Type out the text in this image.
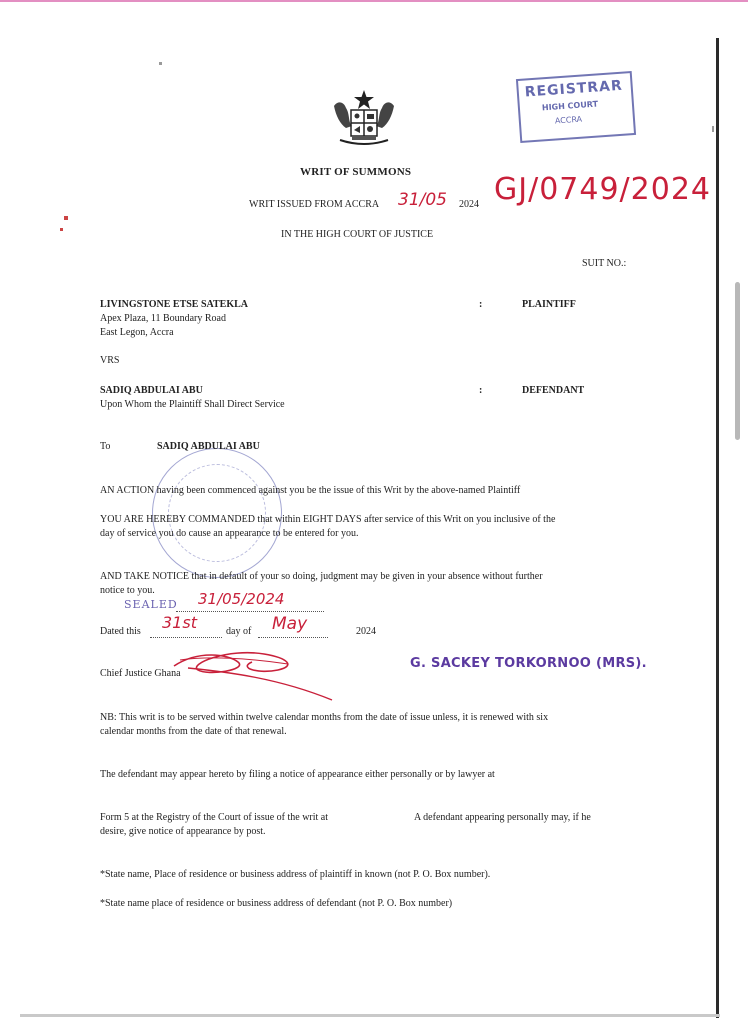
REGISTRAR
HIGH COURT
ACCRA
WRIT OF SUMMONS
WRIT ISSUED FROM ACCRA 31/05 2024 GJ/0749/2024
IN THE HIGH COURT OF JUSTICE
SUIT NO.:
LIVINGSTONE ETSE SATEKLA
Apex Plaza, 11 Boundary Road
East Legon, Accra
:	PLAINTIFF
VRS
SADIQ ABDULAI ABU
Upon Whom the Plaintiff Shall Direct Service
:	DEFENDANT
To	SADIQ ABDULAI ABU
AN ACTION having been commenced against you be the issue of this Writ by the above-named Plaintiff
YOU ARE HEREBY COMMANDED that within EIGHT DAYS after service of this Writ on you inclusive of the
day of service you do cause an appearance to be entered for you.
AND TAKE NOTICE that in default of your so doing, judgment may be given in your absence without further
notice to you.
SEALED 31/05/2024
Dated this 31st	day of May	2024
Chief Justice Ghana
G. SACKEY TORKORNOO (MRS).
NB: This writ is to be served within twelve calendar months from the date of issue unless, it is renewed with six
calendar months from the date of that renewal.
The defendant may appear hereto by filing a notice of appearance either personally or by lawyer at
Form 5 at the Registry of the Court of issue of the writ at	A defendant appearing personally may, if he
desire, give notice of appearance by post.
*State name, Place of residence or business address of plaintiff in known (not P. O. Box number).
*State name place of residence or business address of defendant (not P. O. Box number)
